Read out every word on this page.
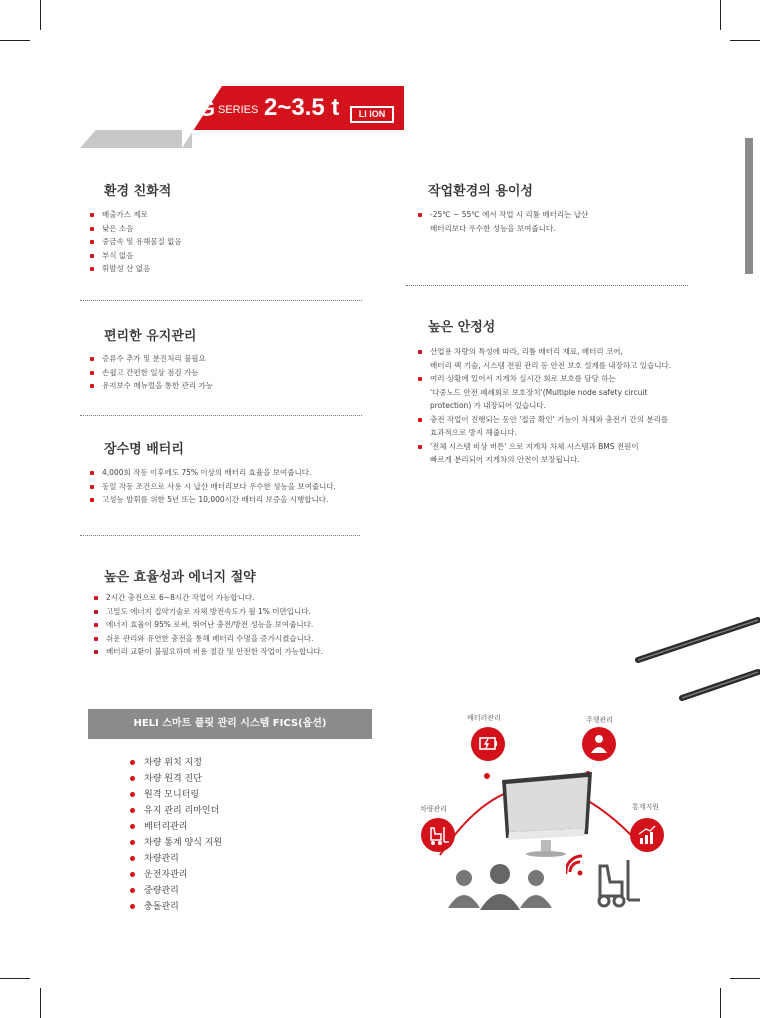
G SERIES 2~3.5 t	LI ION
환경 친화적
배출가스 제로
낮은 소음
중금속 및 유해물질 없음
부식 없음
휘발성 산 없음
작업환경의 용이성
-25℃ ~ 55℃ 에서 작업 시 리튬 배터리는 납산
배터리보다 우수한 성능을 보여줍니다.
편리한 유지관리
증류수 추가 및 분진처리 불필요
손쉽고 간편한 일상 점검 가능
유지보수 매뉴얼을 통한 관리 가능
높은 안정성
산업용 차량의 특성에 따라, 리튬 배터리 재료, 배터리 코어,
배터리 팩 기술, 시스템 전원 관리 등 안전 보호 설계를 내장하고 있습니다.
여러 상황에 있어서 지게차 실시간 회로 보호를 담당 하는
'다중노드 안전 폐쇄회로 보호장치'(Multiple node safety circuit
protection) 가 내장되어 있습니다.
충전 작업이 진행되는 동안 '접금 확인' 기능이 차체와 충전기 간의 분리를
효과적으로 방지 해줍니다.
'전체 시스템 비상 버튼' 으로 지게차 차체 시스템과 BMS 전원이
빠르게 분리되어 지게차의 안전이 보장됩니다.
장수명 배터리
4,000회 작동 이후에도 75% 이상의 배터리 효율을 보여줍니다.
동일 작동 조건으로 사용 시 납산 배터리보다 우수한 성능을 보여줍니다.
고성능 발휘를 위한 5년 또는 10,000시간 배터리 보증을 시행합니다.
높은 효율성과 에너지 절약
2시간 충전으로 6~8시간 작업이 가능합니다.
고밀도 에너지 집약기술로 자체 방전속도가 월 1% 미만입니다.
에너지 효율이 95% 로써, 뛰어난 충전/방전 성능을 보여줍니다.
쉬운 관리와 유연한 충전을 통해 배터리 수명을 증가시켰습니다.
배터리 교환이 불필요하며 비용 절감 및 안전한 작업이 가능합니다.
HELI 스마트 플릿 관리 시스템 FICS(옵션)
차량 위치 지정
차량 원격 진단
원격 모니터링
유지 관리 리마인더
배터리관리
차량 통계 양식 지원
차량관리
운전자관리
중량관리
충돌관리
배터리관리	주행관리
차량관리	통계지원
